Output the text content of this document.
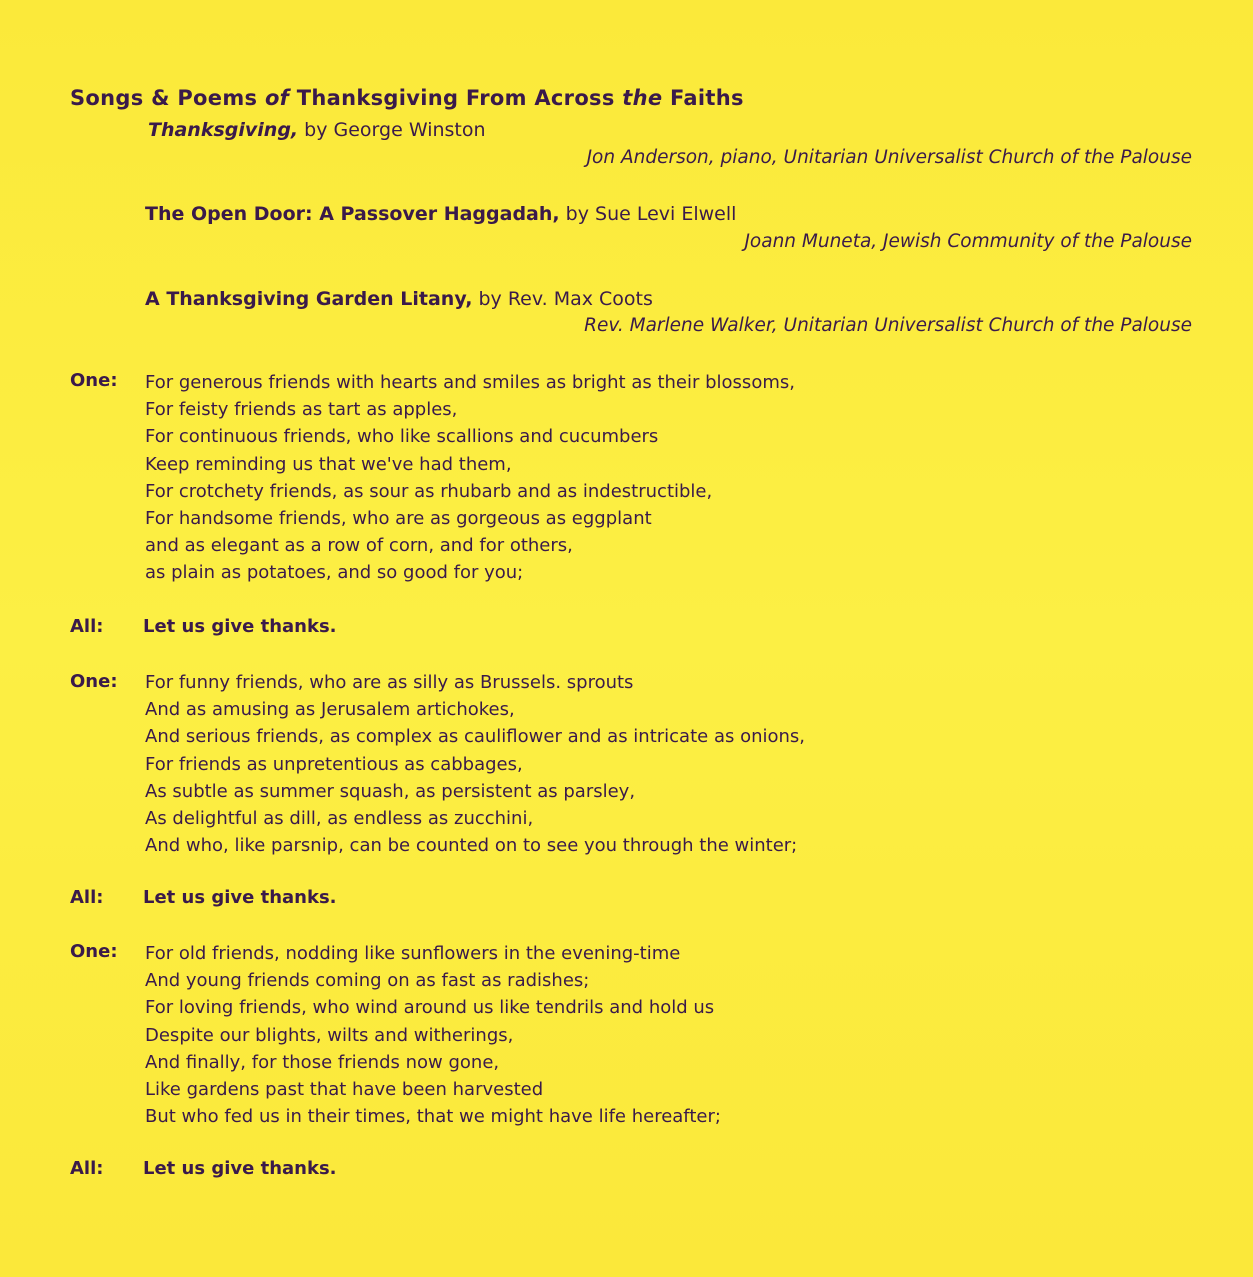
Songs & Poems of Thanksgiving From Across the Faiths
Thanksgiving, by George Winston
Jon Anderson, piano, Unitarian Universalist Church of the Palouse
The Open Door: A Passover Haggadah, by Sue Levi Elwell
Joann Muneta, Jewish Community of the Palouse
A Thanksgiving Garden Litany, by Rev. Max Coots
Rev. Marlene Walker, Unitarian Universalist Church of the Palouse
One: For generous friends with hearts and smiles as bright as their blossoms,
For feisty friends as tart as apples,
For continuous friends, who like scallions and cucumbers
Keep reminding us that we've had them,
For crotchety friends, as sour as rhubarb and as indestructible,
For handsome friends, who are as gorgeous as eggplant
and as elegant as a row of corn, and for others,
as plain as potatoes, and so good for you;
All: Let us give thanks.
One: For funny friends, who are as silly as Brussels. sprouts
And as amusing as Jerusalem artichokes,
And serious friends, as complex as cauliflower and as intricate as onions,
For friends as unpretentious as cabbages,
As subtle as summer squash, as persistent as parsley,
As delightful as dill, as endless as zucchini,
And who, like parsnip, can be counted on to see you through the winter;
All: Let us give thanks.
One: For old friends, nodding like sunflowers in the evening-time
And young friends coming on as fast as radishes;
For loving friends, who wind around us like tendrils and hold us
Despite our blights, wilts and witherings,
And finally, for those friends now gone,
Like gardens past that have been harvested
But who fed us in their times, that we might have life hereafter;
All: Let us give thanks.
